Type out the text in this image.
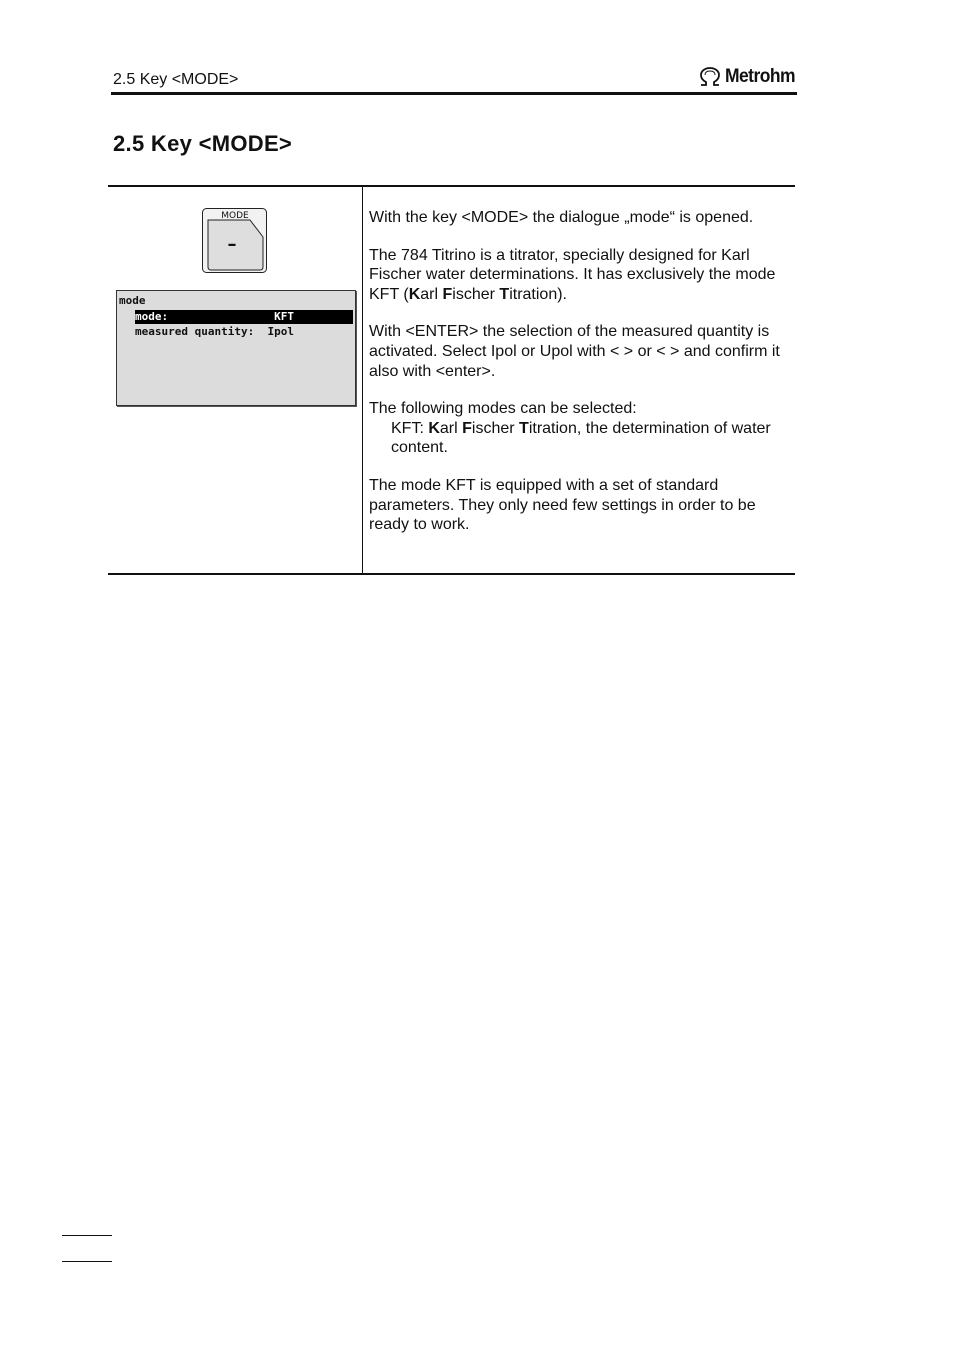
2.5 Key <MODE>	Metrohm
2.5 Key <MODE>
MODE
–
mode
mode:                KFT
measured quantity:  Ipol

With the key <MODE> the dialogue „mode“ is opened.

The 784 Titrino is a titrator, specially designed for Karl Fischer water determinations. It has exclusively the mode KFT (Karl Fischer Titration).

With <ENTER> the selection of the measured quantity is activated. Select Ipol or Upol with < > or < > and confirm it also with <enter>.

The following modes can be selected:
KFT: Karl Fischer Titration, the determination of water content.

The mode KFT is equipped with a set of standard parameters. They only need few settings in order to be ready to work.
